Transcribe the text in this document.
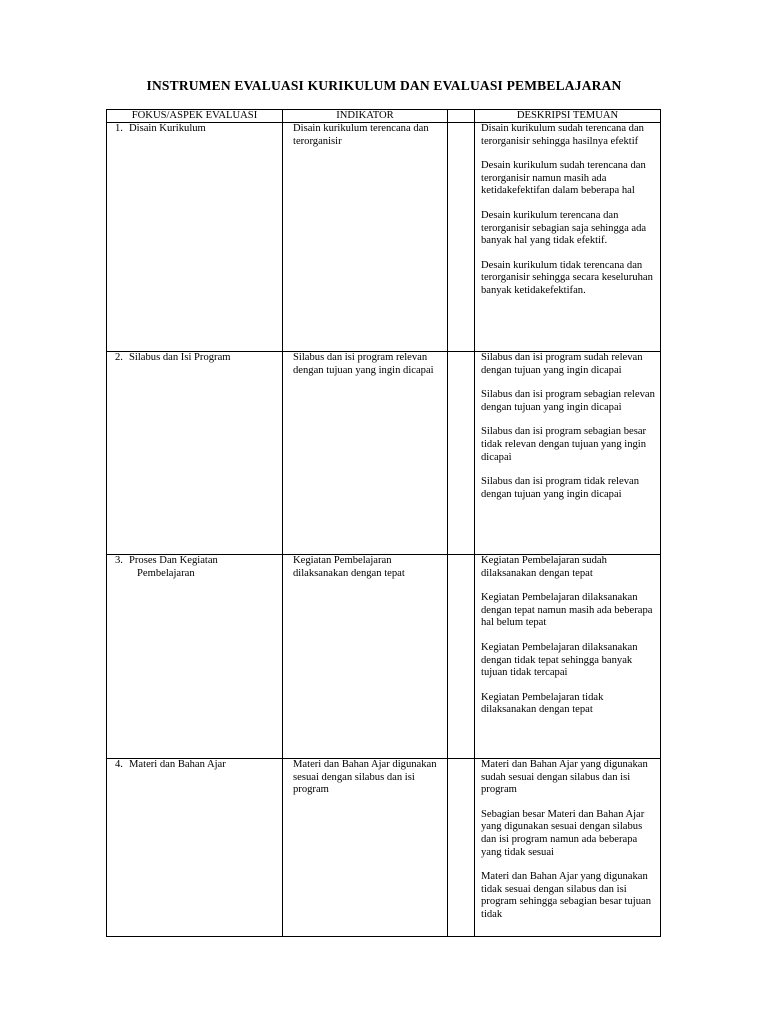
INSTRUMEN EVALUASI KURIKULUM DAN EVALUASI PEMBELAJARAN
FOKUS/ASPEK EVALUASI	INDIKATOR		DESKRIPSI TEMUAN

1. Disain Kurikulum	Disain kurikulum terencana dan terorganisir		Disain kurikulum sudah terencana dan terorganisir sehingga hasilnya efektif
Desain kurikulum sudah terencana dan terorganisir namun masih ada ketidakefektifan dalam beberapa hal
Desain kurikulum terencana dan terorganisir sebagian saja sehingga ada banyak hal yang tidak efektif.
Desain kurikulum tidak terencana dan terorganisir sehingga secara keseluruhan banyak ketidakefektifan.

2. Silabus dan Isi Program	Silabus dan isi program relevan dengan tujuan yang ingin dicapai		Silabus dan isi program sudah relevan dengan tujuan yang ingin dicapai
Silabus dan isi program sebagian relevan dengan tujuan yang ingin dicapai
Silabus dan isi program sebagian besar tidak relevan dengan tujuan yang ingin dicapai
Silabus dan isi program tidak relevan dengan tujuan yang ingin dicapai

3. Proses Dan Kegiatan
Pembelajaran	Kegiatan Pembelajaran dilaksanakan dengan tepat		Kegiatan Pembelajaran sudah dilaksanakan dengan tepat
Kegiatan Pembelajaran dilaksanakan dengan tepat namun masih ada beberapa hal belum tepat
Kegiatan Pembelajaran dilaksanakan dengan tidak tepat sehingga banyak tujuan tidak tercapai
Kegiatan Pembelajaran tidak dilaksanakan dengan tepat

4. Materi dan Bahan Ajar	Materi dan Bahan Ajar digunakan sesuai dengan silabus dan isi program		Materi dan Bahan Ajar yang digunakan sudah sesuai dengan silabus dan isi program
Sebagian besar Materi dan Bahan Ajar yang digunakan sesuai dengan silabus dan isi program namun ada beberapa yang tidak sesuai
Materi dan Bahan Ajar yang digunakan tidak sesuai dengan silabus dan isi program sehingga sebagian besar tujuan tidak
